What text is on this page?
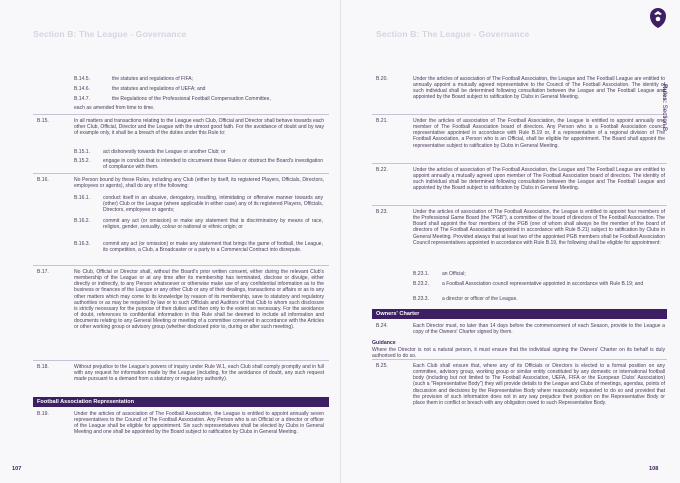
Section B: The League - Governance
B.14.5.	the statutes and regulations of FIFA;
B.14.6.	the statutes and regulations of UEFA; and
B.14.7.	the Regulations of the Professional Football Compensation Committee,
each as amended from time to time.
B.15.	In all matters and transactions relating to the League each Club, Official and Director shall behave towards each other Club, Official, Director and the League with the utmost good faith. For the avoidance of doubt and by way of example only, it shall be a breach of the duties under this Rule to:
B.15.1.	act dishonestly towards the League or another Club; or
B.15.2.	engage in conduct that is intended to circumvent these Rules or obstruct the Board's investigation of compliance with them.
B.16.	No Person bound by these Rules, including any Club (either by itself, its registered Players, Officials, Directors, employees or agents), shall do any of the following:
B.16.1.	conduct itself in an abusive, derogatory, insulting, intimidating or offensive manner towards any (other) Club or the League (where applicable in either case) any of its registered Players, Officials, Directors, employees or agents;
B.16.2.	commit any act (or omission) or make any statement that is discriminatory by means of race, religion, gender, sexuality, colour or national or ethnic origin; or
B.16.3.	commit any act (or omission) or make any statement that brings the game of football, the League, its competition, a Club, a Broadcaster or a party to a Commercial Contract into disrepute.
B.17.	No Club, Official or Director shall, without the Board's prior written consent, either during the relevant Club's membership of the League or at any time after its membership has terminated, disclose or divulge, either directly or indirectly, to any Person whatsoever or otherwise make use of any confidential information as to the business or finances of the League or any other Club or any of their dealings, transactions or affairs or as to any other matters which may come to its knowledge by reason of its membership, save to statutory and regulatory authorities or as may be required by law or to such Officials and Auditors of that Club to whom such disclosure is strictly necessary for the purpose of their duties and then only to the extent so necessary. For the avoidance of doubt, references to confidential information in this Rule shall be deemed to include all information and documents relating to any General Meeting or meeting of a committee convened in accordance with the Articles or other working group or advisory group (whether disclosed prior to, during or after such meeting).
B.18.	Without prejudice to the League's powers of inquiry under Rule W.1, each Club shall comply promptly and in full with any request for information made by the League (including, for the avoidance of doubt, any such request made pursuant to a demand from a statutory or regulatory authority).
Football Association Representation
B.19.	Under the articles of association of The Football Association, the League is entitled to appoint annually seven representatives to the Council of The Football Association. Any Person who is an Official or a director or officer of the League shall be eligible for appointment. Six such representatives shall be elected by Clubs in General Meeting and one shall be appointed by the Board subject to ratification by Clubs in General Meeting.
107
Section B: The League - Governance
B.20.	Under the articles of association of The Football Association, the League and The Football League are entitled to annually appoint a mutually agreed representative to the Council of The Football Association. The identity of such individual shall be determined following consultation between the League and The Football League and appointed by the Board subject to ratification by Clubs in General Meeting.
B.21.	Under the articles of association of The Football Association, the League is entitled to appoint annually one member of The Football Association board of directors. Any Person who is a Football Association council representative appointed in accordance with Rule B.19 or, if a representative of a regional division of The Football Association, a Person who is an Official, shall be eligible for appointment. The Board shall appoint the representative subject to ratification by Clubs in General Meeting.
B.22.	Under the articles of association of The Football Association, the League and The Football League are entitled to appoint annually a mutually agreed upon member of The Football Association board of directors. The identity of such individual shall be determined following consultation between the League and The Football League and appointed by the Board subject to ratification by Clubs in General Meeting.
B.23.	Under the articles of association of The Football Association, the League is entitled to appoint four members of the Professional Game Board (the "PGB"), a committee of the board of directors of The Football Association. The Board shall appoint the four members of the PGB (one of whom shall always be the member of the board of directors of The Football Association appointed in accordance with Rule B.21) subject to ratification by Clubs in General Meeting. Provided always that at least two of the appointed PGB members shall be Football Association Council representatives appointed in accordance with Rule B.19, the following shall be eligible for appointment:
B.23.1.	an Official;
B.23.2.	a Football Association council representative appointed in accordance with Rule B.19; and
B.23.3.	a director or officer of the League.
Owners' Charter
B.24.	Each Director must, no later than 14 days before the commencement of each Season, provide to the League a copy of the Owners' Charter signed by them.
Guidance
Where the Director is not a natural person, it must ensure that the individual signing the Owners' Charter on its behalf is duly authorised to do so.
B.25.	Each Club shall ensure that, where any of its Officials or Directors is elected to a formal position on any committee, advisory group, working group or similar entity constituted by any domestic or international football body (including but not limited to The Football Association, UEFA, FIFA or the European Clubs' Association) (such a "Representative Body") they will provide details to the League and Clubs of meetings, agendas, points of discussion and decisions by the Representative Body where reasonably requested to do so and provided that the provision of such information does not in any way prejudice their position on the Representative Body or place them in conflict or breach with any obligation owed to such Representative Body.
Rules: Section B
108
